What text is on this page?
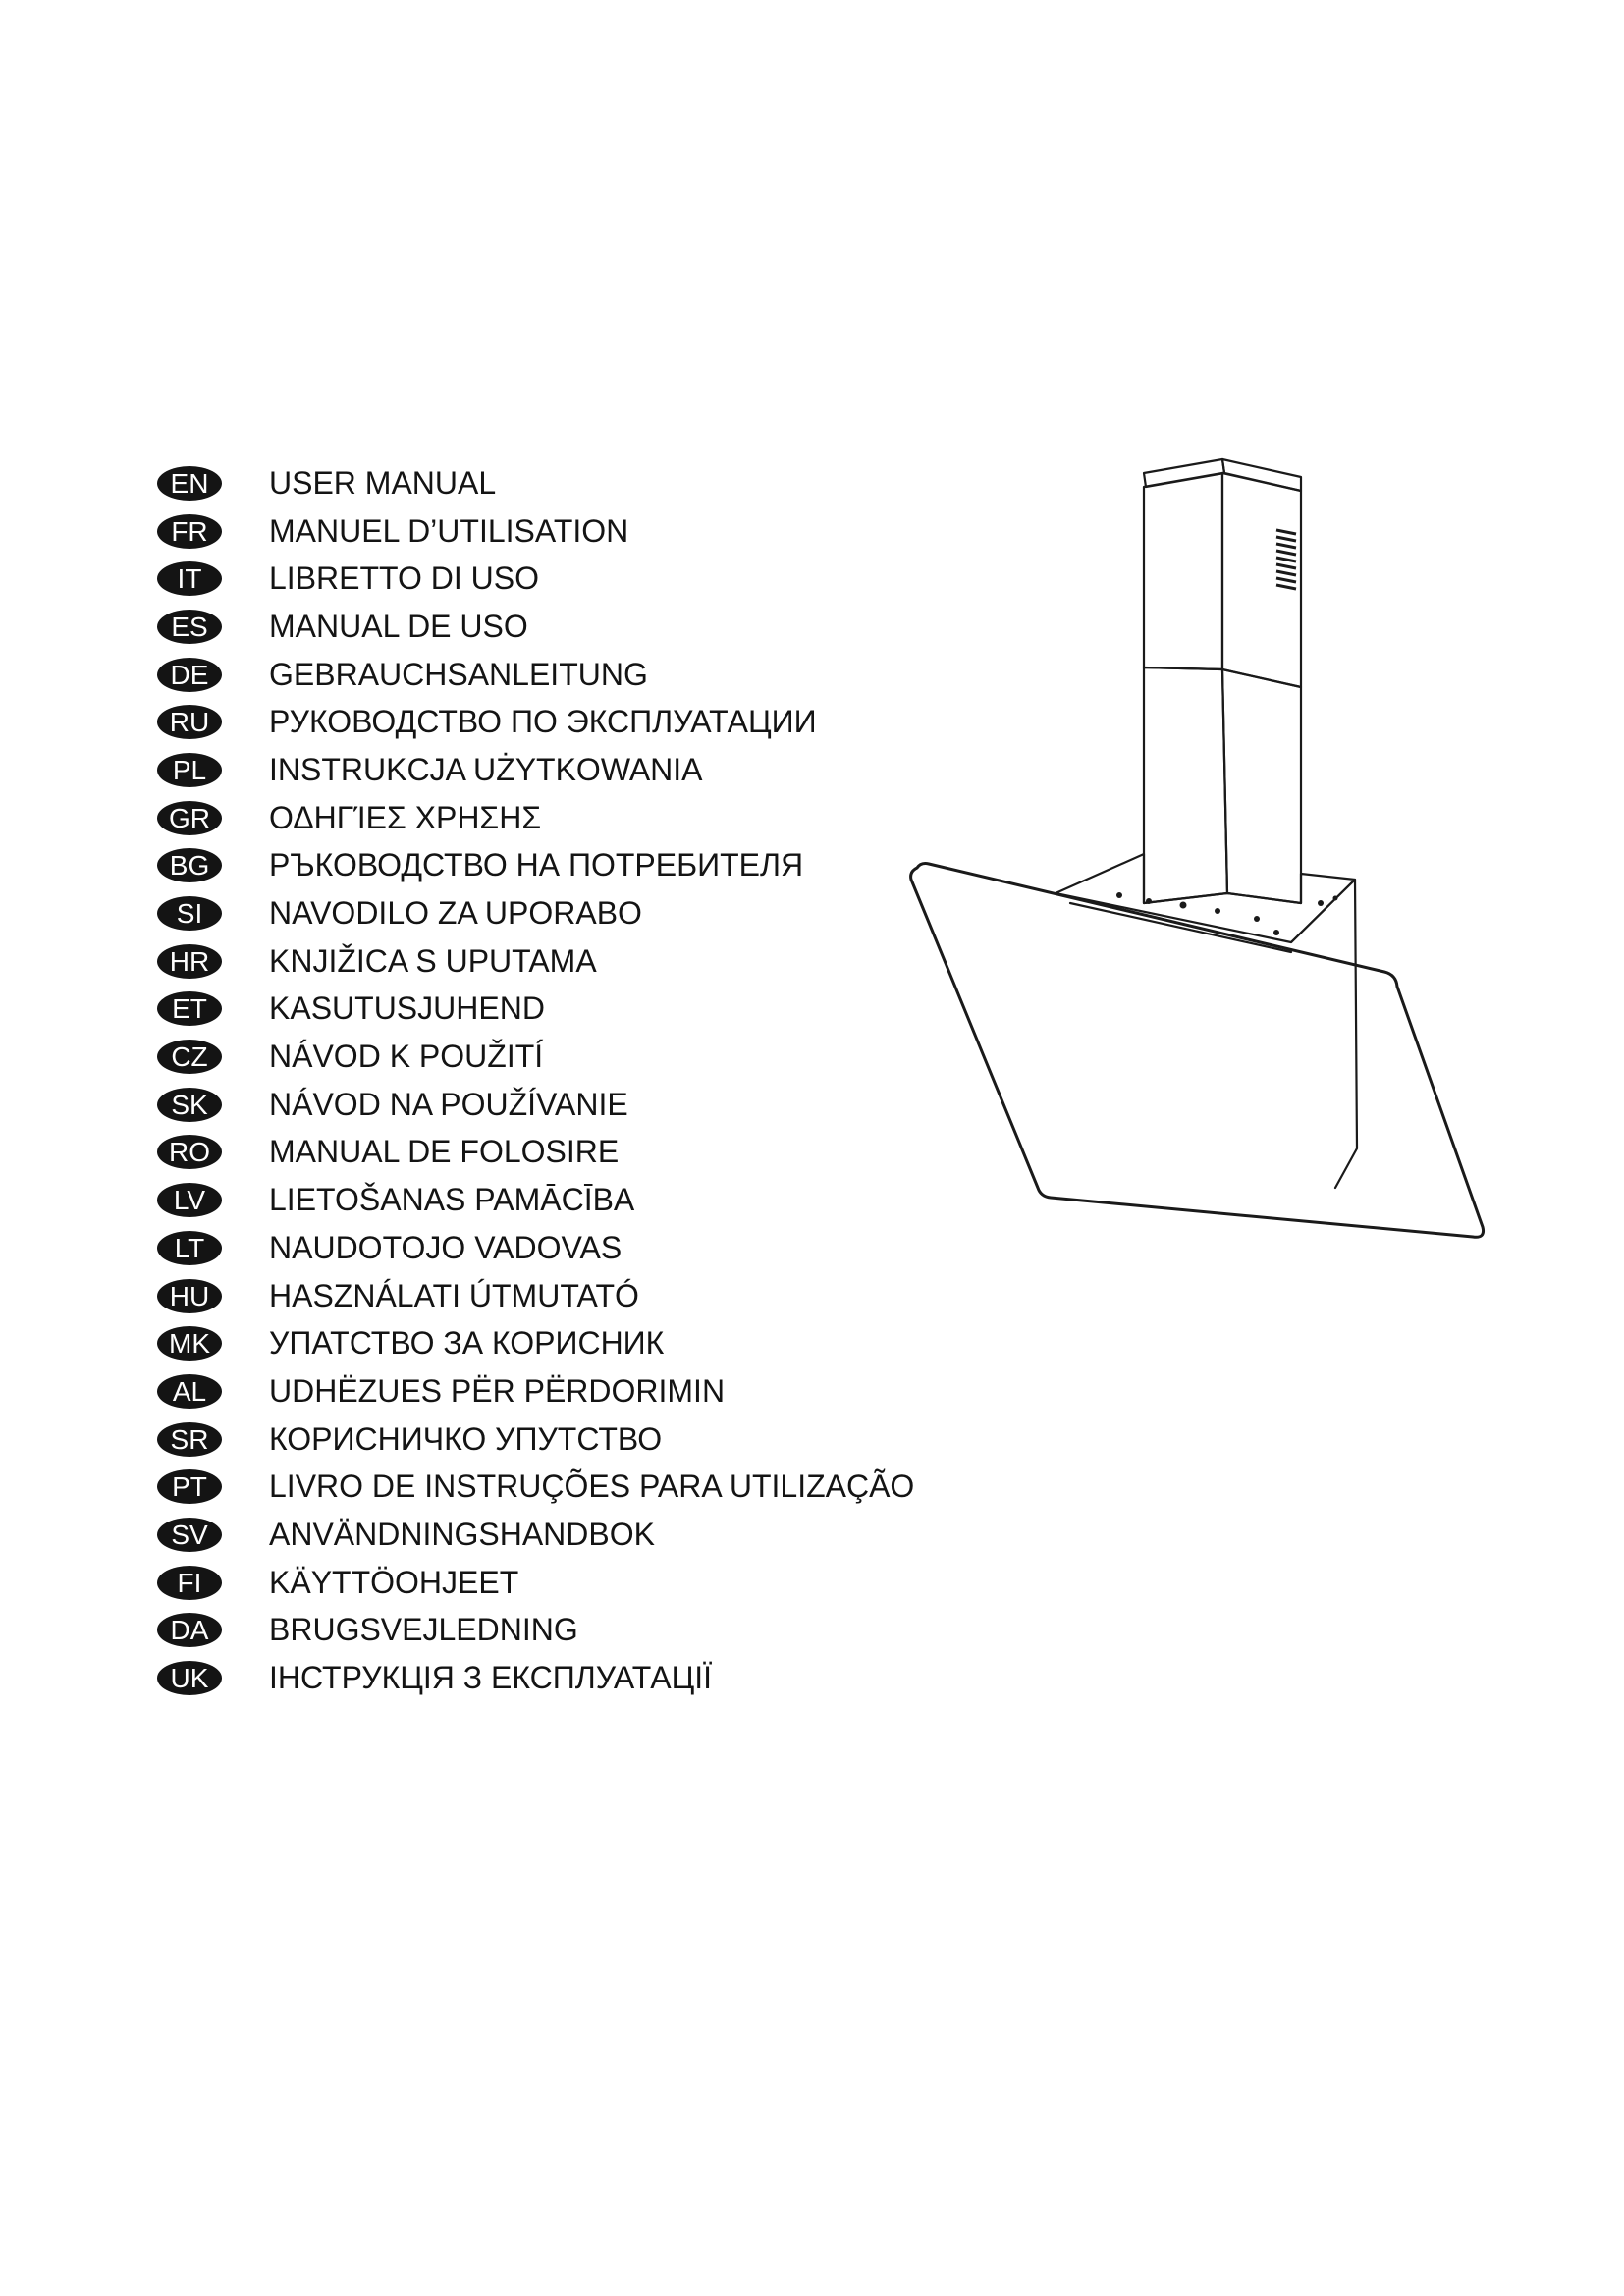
EN	USER MANUAL
FR	MANUEL D’UTILISATION
IT	LIBRETTO DI USO
ES	MANUAL DE USO
DE	GEBRAUCHSANLEITUNG
RU	РУКОВОДСТВО ПО ЭКСПЛУАТАЦИИ
PL	INSTRUKCJA UŻYTKOWANIA
GR	ΟΔΗΓΊΕΣ ΧΡΗΣΗΣ
BG	РЪКОВОДСТВО НА ПОТРЕБИТЕЛЯ
SI	NAVODILO ZA UPORABO
HR	KNJIŽICA S UPUTAMA
ET	KASUTUSJUHEND
CZ	NÁVOD K POUŽITÍ
SK	NÁVOD NA POUŽÍVANIE
RO	MANUAL DE FOLOSIRE
LV	LIETOŠANAS PAMĀCĪBA
LT	NAUDOTOJO VADOVAS
HU	HASZNÁLATI ÚTMUTATÓ
MK	УПАТСТВО ЗА КОРИСНИК
AL	UDHËZUES PËR PËRDORIMIN
SR	КОРИСНИЧКО УПУТСТВО
PT	LIVRO DE INSTRUÇÕES PARA UTILIZAÇÃO
SV	ANVÄNDNINGSHANDBOK
FI	KÄYTTÖOHJEET
DA	BRUGSVEJLEDNING
UK	ІНСТРУКЦІЯ З ЕКСПЛУАТАЦІЇ
